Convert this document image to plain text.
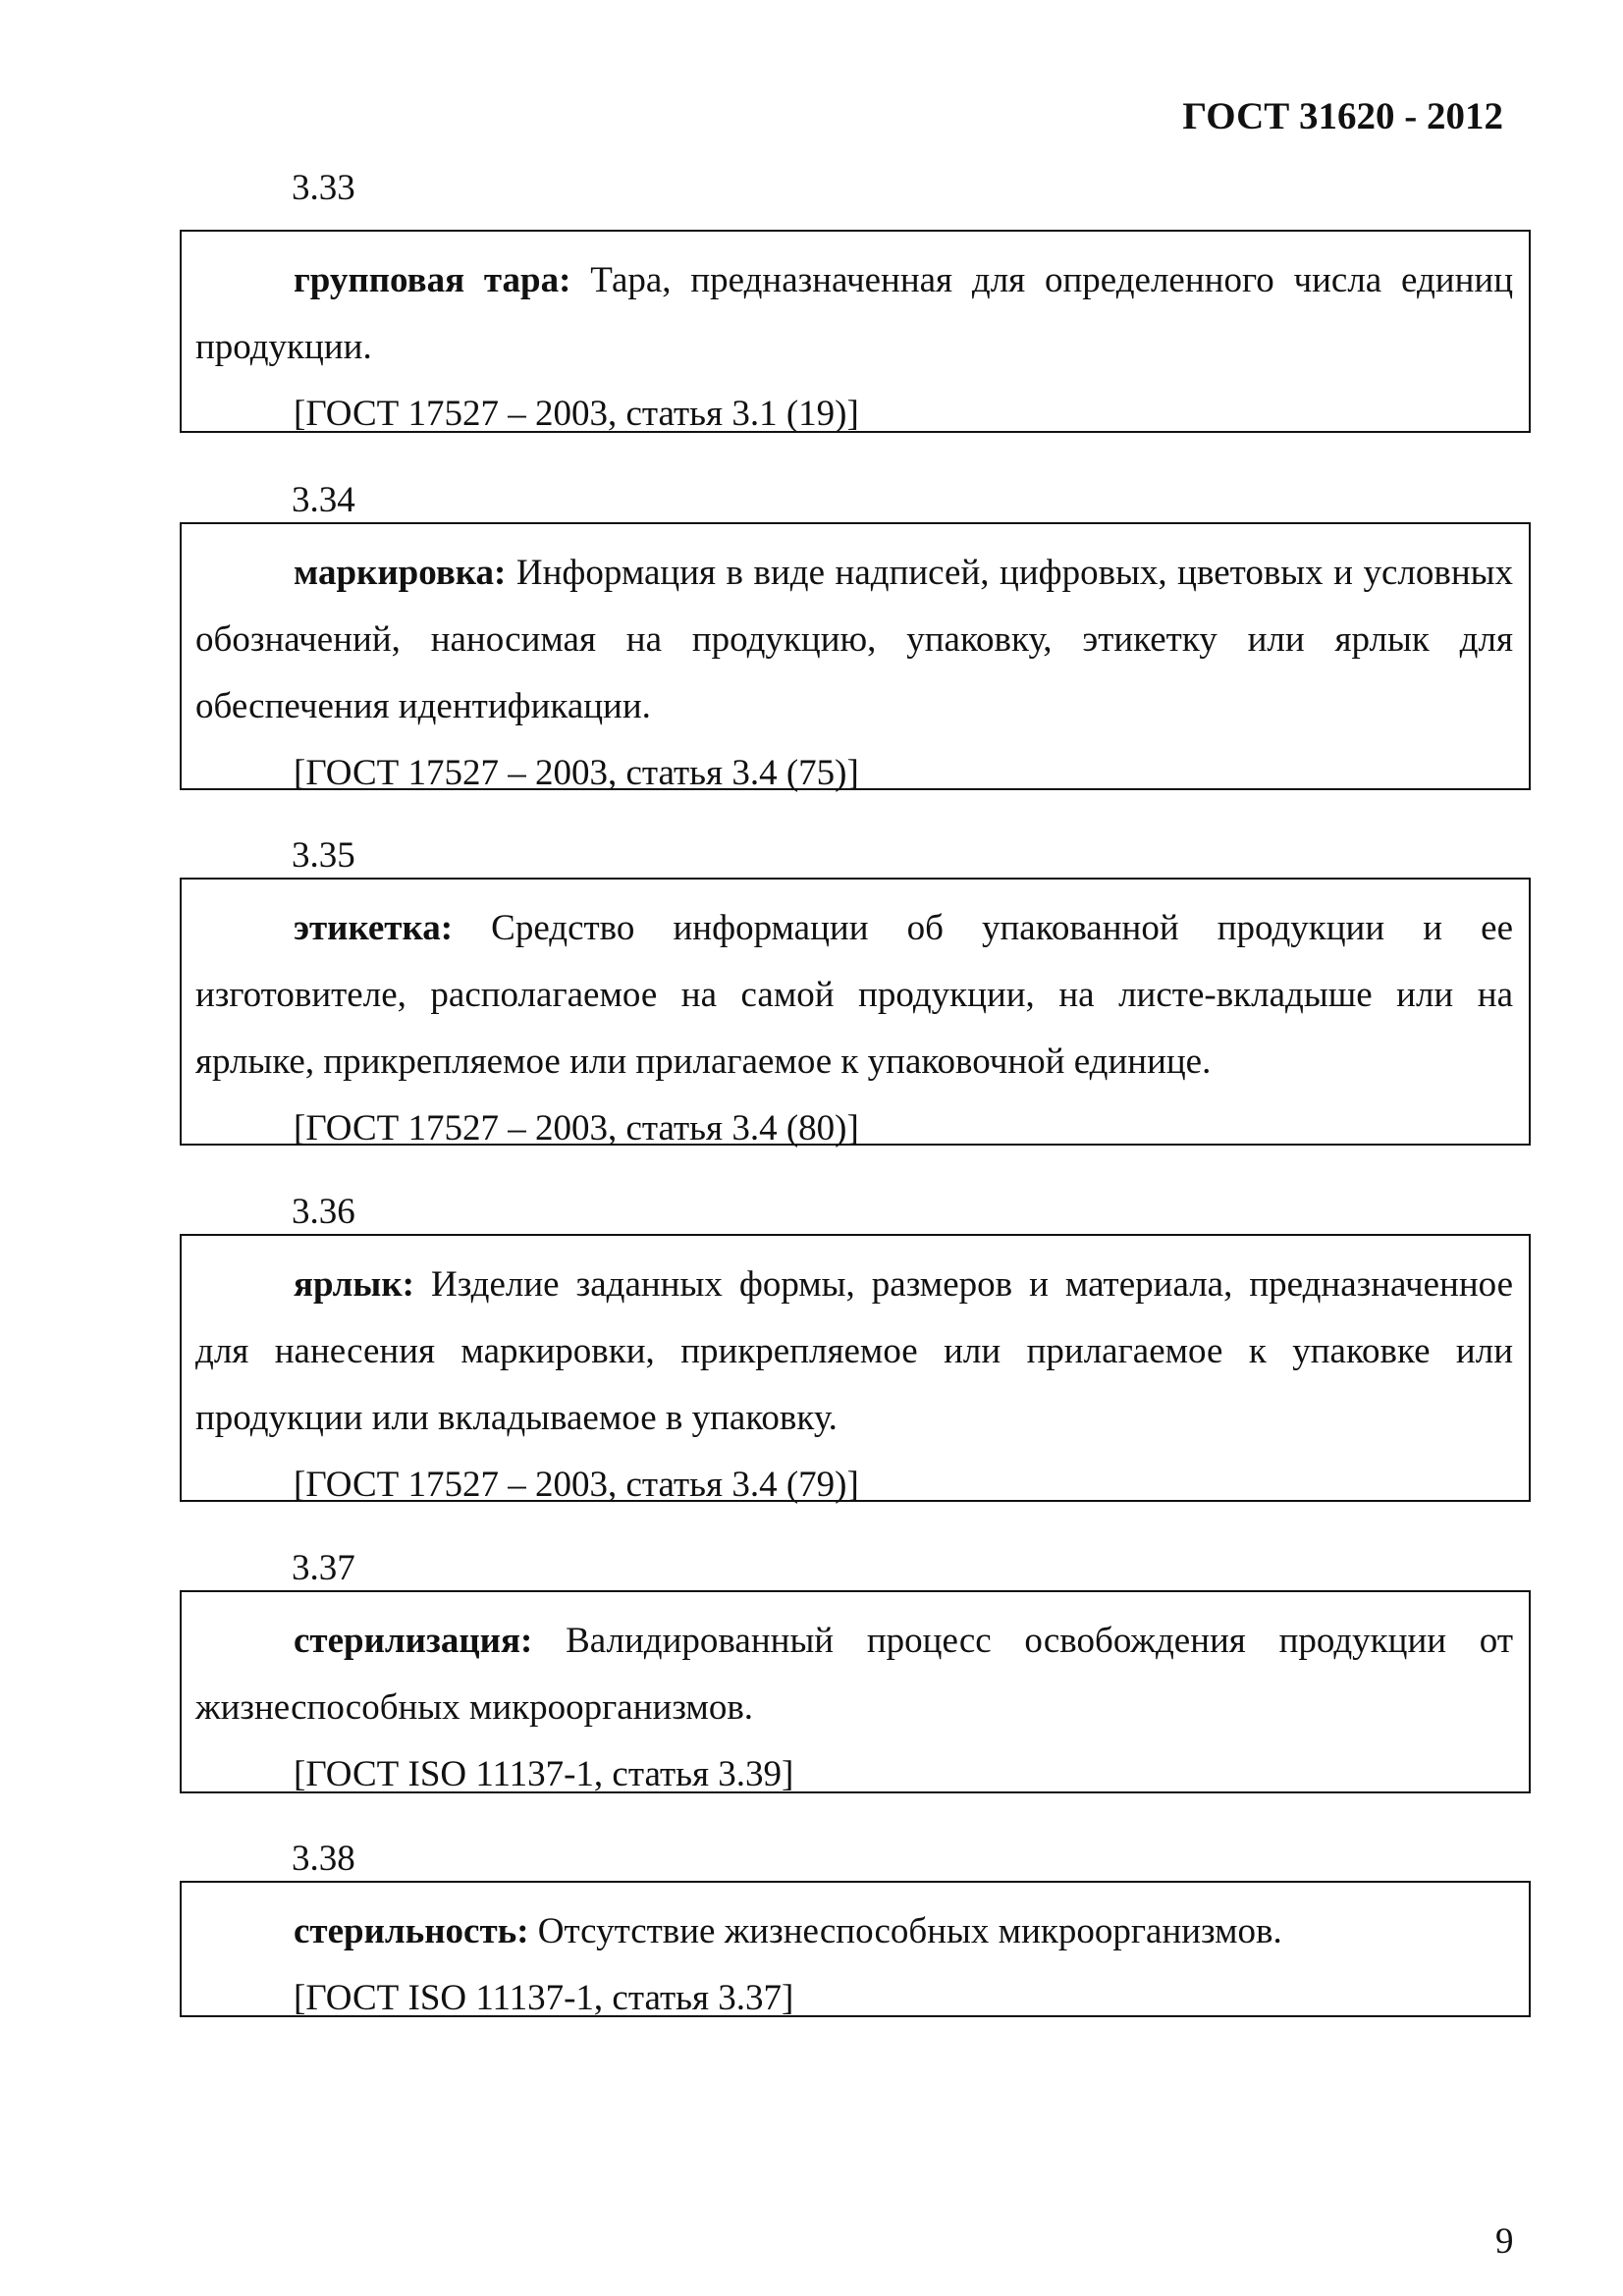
ГОСТ 31620 - 2012
3.33

групповая тара: Тара, предназначенная для определенного числа единиц продукции.

[ГОСТ 17527 – 2003, статья 3.1 (19)]

3.34

маркировка: Информация в виде надписей, цифровых, цветовых и условных обозначений, наносимая на продукцию, упаковку, этикетку или ярлык для обеспечения идентификации.

[ГОСТ 17527 – 2003, статья 3.4 (75)]

3.35

этикетка: Средство информации об упакованной продукции и ее изготовителе, располагаемое на самой продукции, на листе-вкладыше или на ярлыке, прикрепляемое или прилагаемое к упаковочной единице.

[ГОСТ 17527 – 2003, статья 3.4 (80)]

3.36

ярлык: Изделие заданных формы, размеров и материала, предназначенное для нанесения маркировки, прикрепляемое или прилагаемое к упаковке или продукции или вкладываемое в упаковку.

[ГОСТ 17527 – 2003, статья 3.4 (79)]

3.37

стерилизация: Валидированный процесс освобождения продукции от жизнеспособных микроорганизмов.

[ГОСТ ISO 11137-1, статья 3.39]

3.38

стерильность: Отсутствие жизнеспособных микроорганизмов.

[ГОСТ ISO 11137-1, статья 3.37]

9
